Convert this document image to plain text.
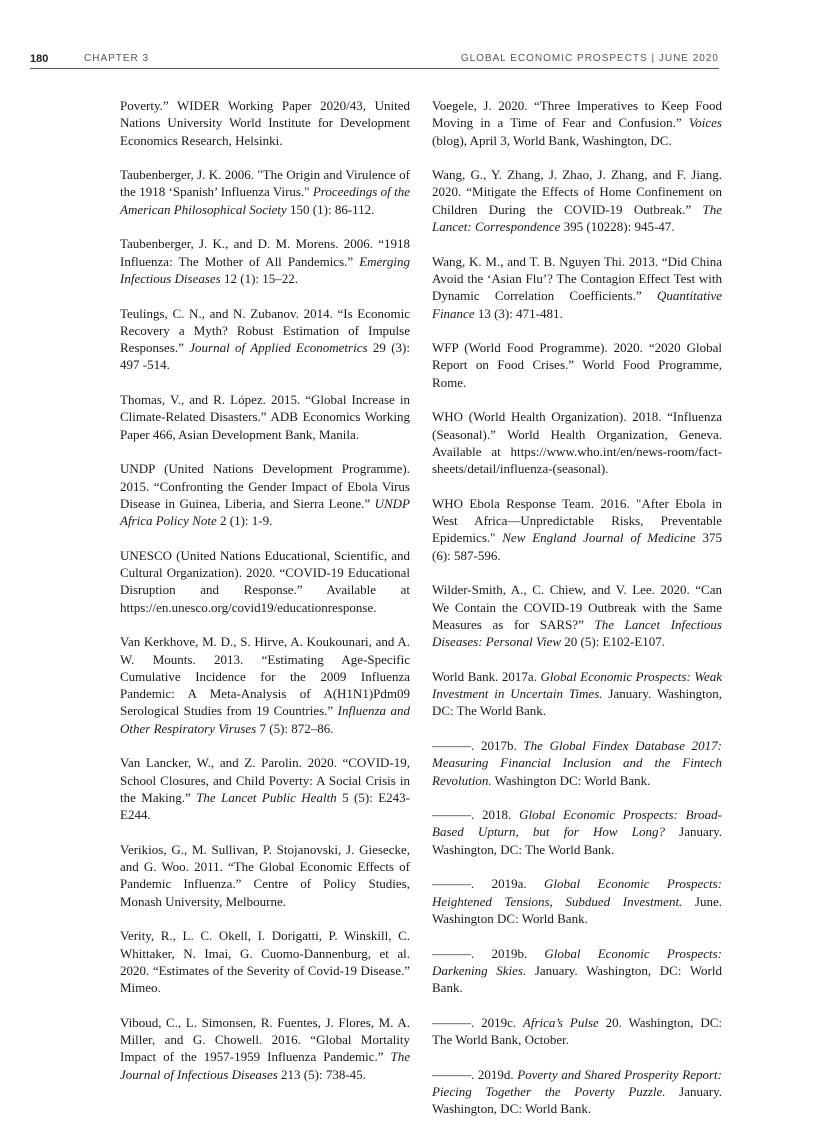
180	CHAPTER 3	GLOBAL ECONOMIC PROSPECTS | JUNE 2020

Poverty.” WIDER Working Paper 2020/43, United Nations University World Institute for Development Economics Research, Helsinki.

Taubenberger, J. K. 2006. "The Origin and Virulence of the 1918 ‘Spanish’ Influenza Virus." Proceedings of the American Philosophical Society 150 (1): 86-112.

Taubenberger, J. K., and D. M. Morens. 2006. “1918 Influenza: The Mother of All Pandemics.” Emerging Infectious Diseases 12 (1): 15–22.

Teulings, C. N., and N. Zubanov. 2014. “Is Economic Recovery a Myth? Robust Estimation of Impulse Responses.” Journal of Applied Econometrics 29 (3): 497 -514.

Thomas, V., and R. López. 2015. “Global Increase in Climate-Related Disasters.” ADB Economics Working Paper 466, Asian Development Bank, Manila.

UNDP (United Nations Development Programme). 2015. “Confronting the Gender Impact of Ebola Virus Disease in Guinea, Liberia, and Sierra Leone.” UNDP Africa Policy Note 2 (1): 1-9.

UNESCO (United Nations Educational, Scientific, and Cultural Organization). 2020. “COVID-19 Educational Disruption and Response.” Available at https://en.unesco.org/covid19/educationresponse.

Van Kerkhove, M. D., S. Hirve, A. Koukounari, and A. W. Mounts. 2013. “Estimating Age-Specific Cumulative Incidence for the 2009 Influenza Pandemic: A Meta-Analysis of A(H1N1)Pdm09 Serological Studies from 19 Countries.” Influenza and Other Respiratory Viruses 7 (5): 872–86.

Van Lancker, W., and Z. Parolin. 2020. “COVID-19, School Closures, and Child Poverty: A Social Crisis in the Making.” The Lancet Public Health 5 (5): E243-E244.

Verikios, G., M. Sullivan, P. Stojanovski, J. Giesecke, and G. Woo. 2011. “The Global Economic Effects of Pandemic Influenza.” Centre of Policy Studies, Monash University, Melbourne.

Verity, R., L. C. Okell, I. Dorigatti, P. Winskill, C. Whittaker, N. Imai, G. Cuomo-Dannenburg, et al. 2020. “Estimates of the Severity of Covid-19 Disease.” Mimeo.

Viboud, C., L. Simonsen, R. Fuentes, J. Flores, M. A. Miller, and G. Chowell. 2016. “Global Mortality Impact of the 1957-1959 Influenza Pandemic.” The Journal of Infectious Diseases 213 (5): 738-45.

Voegele, J. 2020. “Three Imperatives to Keep Food Moving in a Time of Fear and Confusion.” Voices (blog), April 3, World Bank, Washington, DC.

Wang, G., Y. Zhang, J. Zhao, J. Zhang, and F. Jiang. 2020. “Mitigate the Effects of Home Confinement on Children During the COVID-19 Outbreak.” The Lancet: Correspondence 395 (10228): 945-47.

Wang, K. M., and T. B. Nguyen Thi. 2013. “Did China Avoid the ‘Asian Flu’? The Contagion Effect Test with Dynamic Correlation Coefficients.” Quantitative Finance 13 (3): 471-481.

WFP (World Food Programme). 2020. “2020 Global Report on Food Crises.” World Food Programme, Rome.

WHO (World Health Organization). 2018. “Influenza (Seasonal).” World Health Organization, Geneva. Available at https://www.who.int/en/news-room/fact-sheets/detail/influenza-(seasonal).

WHO Ebola Response Team. 2016. "After Ebola in West Africa—Unpredictable Risks, Preventable Epidemics." New England Journal of Medicine 375 (6): 587-596.

Wilder-Smith, A., C. Chiew, and V. Lee. 2020. “Can We Contain the COVID-19 Outbreak with the Same Measures as for SARS?” The Lancet Infectious Diseases: Personal View 20 (5): E102-E107.

World Bank. 2017a. Global Economic Prospects: Weak Investment in Uncertain Times. January. Washington, DC: The World Bank.

———. 2017b. The Global Findex Database 2017: Measuring Financial Inclusion and the Fintech Revolution. Washington DC: World Bank.

———. 2018. Global Economic Prospects: Broad-Based Upturn, but for How Long? January. Washington, DC: The World Bank.

———. 2019a. Global Economic Prospects: Heightened Tensions, Subdued Investment. June. Washington DC: World Bank.

———. 2019b. Global Economic Prospects: Darkening Skies. January. Washington, DC: World Bank.

———. 2019c. Africa’s Pulse 20. Washington, DC: The World Bank, October.

———. 2019d. Poverty and Shared Prosperity Report: Piecing Together the Poverty Puzzle. January. Washington, DC: World Bank.
